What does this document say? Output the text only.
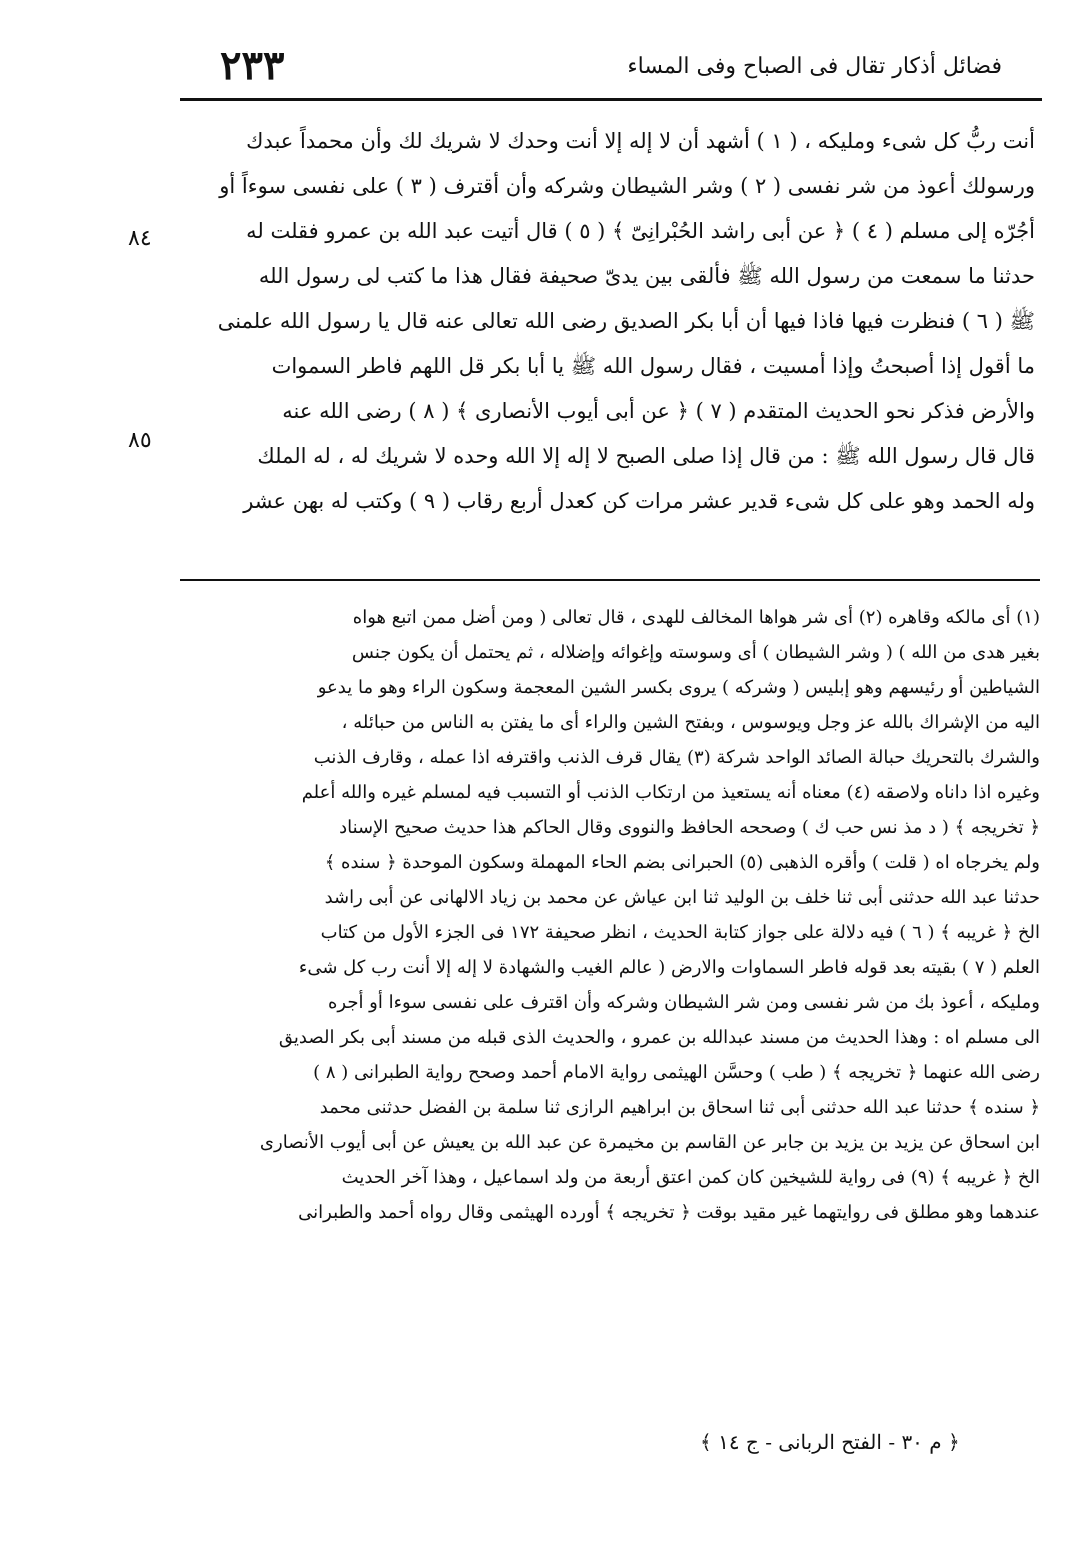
٢٣٣	فضائل أذكار تقال فى الصباح وفى المساء
أنت ربُّ كل شىء ومليكه ، ( ١ ) أشهد أن لا إله إلا أنت وحدك لا شريك لك وأن محمداً عبدك
ورسولك أعوذ من شر نفسى ( ٢ ) وشر الشيطان وشركه وأن أقترف ( ٣ ) على نفسى سوءاً أو
أجُرّه إلى مسلم ( ٤ ) ﴿ عن أبى راشد الحُبْرانِىّ ﴾ ( ٥ ) قال أتيت عبد الله بن عمرو فقلت له
حدثنا ما سمعت من رسول الله ﷺ فألقى بين يدىّ صحيفة فقال هذا ما كتب لى رسول الله
ﷺ ( ٦ ) فنظرت فيها فاذا فيها أن أبا بكر الصديق رضى الله تعالى عنه قال يا رسول الله علمنى
ما أقول إذا أصبحتُ وإذا أمسيت ، فقال رسول الله ﷺ يا أبا بكر قل اللهم فاطر السموات
والأرض فذكر نحو الحديث المتقدم ( ٧ ) ﴿ عن أبى أيوب الأنصارى ﴾ ( ٨ ) رضى الله عنه
قال قال رسول الله ﷺ : من قال إذا صلى الصبح لا إله إلا الله وحده لا شريك له ، له الملك
وله الحمد وهو على كل شىء قدير عشر مرات كن كعدل أربع رقاب ( ٩ ) وكتب له بهن عشر
٨٤
٨٥
(١) أى مالكه وقاهره (٢) أى شر هواها المخالف للهدى ، قال تعالى ( ومن أضل ممن اتبع هواه
بغير هدى من الله ) ( وشر الشيطان ) أى وسوسته وإغوائه وإضلاله ، ثم يحتمل أن يكون جنس
الشياطين أو رئيسهم وهو إبليس ( وشركه ) يروى بكسر الشين المعجمة وسكون الراء وهو ما يدعو
اليه من الإشراك بالله عز وجل ويوسوس ، وبفتح الشين والراء أى ما يفتن به الناس من حبائله ،
والشرك بالتحريك حبالة الصائد الواحد شركة (٣) يقال قرف الذنب واقترفه اذا عمله ، وقارف الذنب
وغيره اذا داناه ولاصقه (٤) معناه أنه يستعيذ من ارتكاب الذنب أو التسبب فيه لمسلم غيره والله أعلم
﴿ تخريجه ﴾ ( د مذ نس حب ك ) وصححه الحافظ والنووى وقال الحاكم هذا حديث صحيح الإسناد
ولم يخرجاه اه ( قلت ) وأقره الذهبى (٥) الحبرانى بضم الحاء المهملة وسكون الموحدة ﴿ سنده ﴾
حدثنا عبد الله حدثنى أبى ثنا خلف بن الوليد ثنا ابن عياش عن محمد بن زياد الالهانى عن أبى راشد
الخ ﴿ غريبه ﴾ ( ٦ ) فيه دلالة على جواز كتابة الحديث ، انظر صحيفة ١٧٢ فى الجزء الأول من كتاب
العلم ( ٧ ) بقيته بعد قوله فاطر السماوات والارض ( عالم الغيب والشهادة لا إله إلا أنت رب كل شىء
ومليكه ، أعوذ بك من شر نفسى ومن شر الشيطان وشركه وأن اقترف على نفسى سوءا أو أجره
الى مسلم اه : وهذا الحديث من مسند عبدالله بن عمرو ، والحديث الذى قبله من مسند أبى بكر الصديق
رضى الله عنهما ﴿ تخريجه ﴾ ( طب ) وحسَّن الهيثمى رواية الامام أحمد وصحح رواية الطبرانى ( ٨ )
﴿ سنده ﴾ حدثنا عبد الله حدثنى أبى ثنا اسحاق بن ابراهيم الرازى ثنا سلمة بن الفضل حدثنى محمد
ابن اسحاق عن يزيد بن يزيد بن جابر عن القاسم بن مخيمرة عن عبد الله بن يعيش عن أبى أيوب الأنصارى
الخ ﴿ غريبه ﴾ (٩) فى رواية للشيخين كان كمن اعتق أربعة من ولد اسماعيل ، وهذا آخر الحديث
عندهما وهو مطلق فى روايتهما غير مقيد بوقت ﴿ تخريجه ﴾ أورده الهيثمى وقال رواه أحمد والطبرانى
﴿ م ٣٠ - الفتح الربانى - ج ١٤ ﴾
